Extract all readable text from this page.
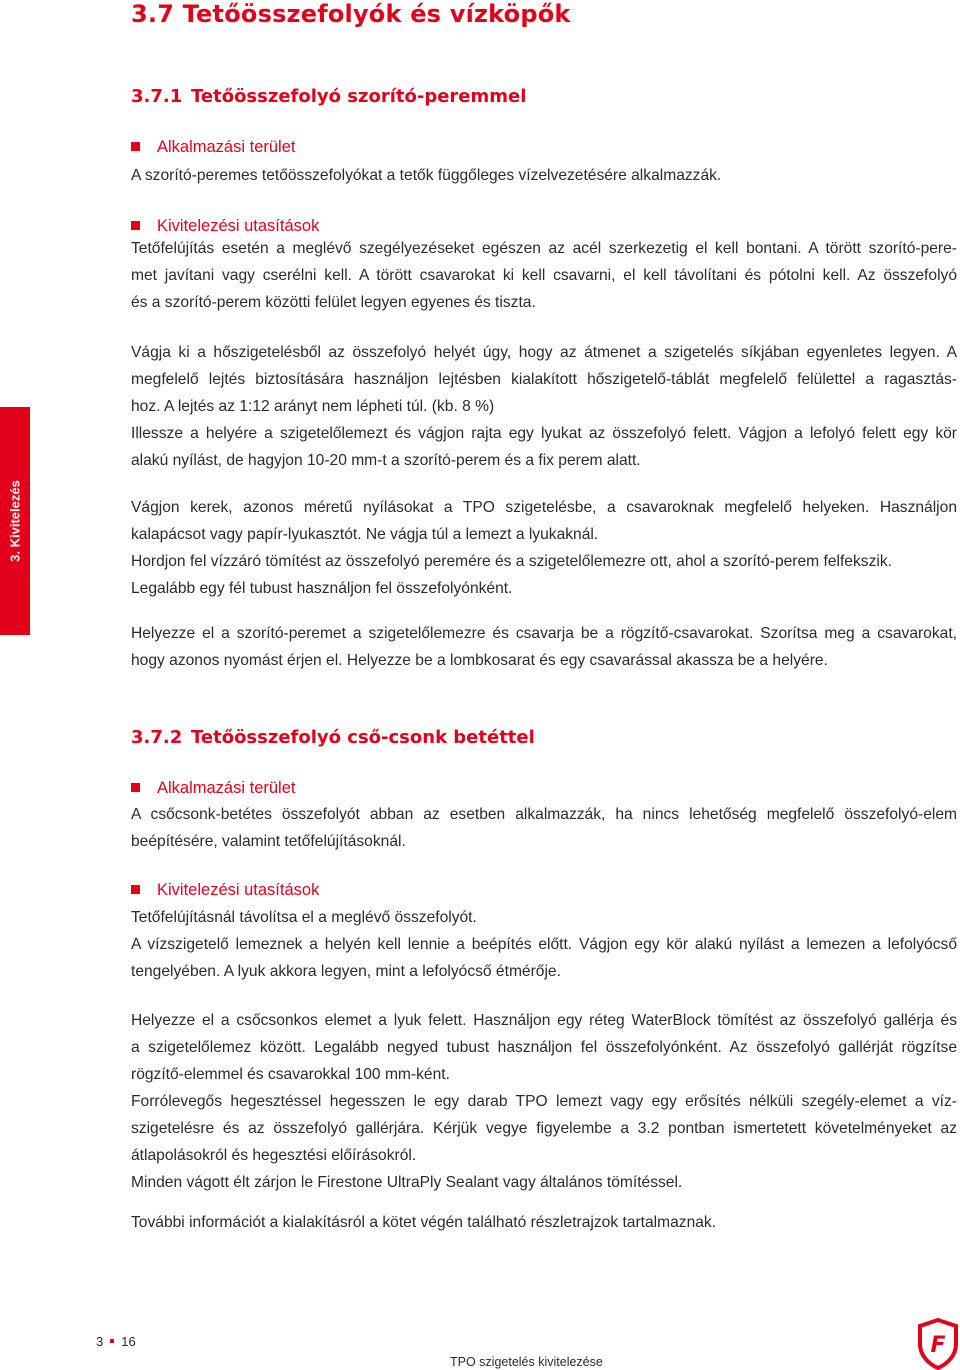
3.7 Tetőösszefolyók és vízköpők
3. Kivitelezés
3.7.1 Tetőösszefolyó szorító-peremmel
Alkalmazási terület
A szorító-peremes tetőösszefolyókat a tetők függőleges vízelvezetésére alkalmazzák.
Kivitelezési utasítások
Tetőfelújítás esetén a meglévő szegélyezéseket egészen az acél szerkezetig el kell bontani. A törött szorító-pere-
met javítani vagy cserélni kell. A törött csavarokat ki kell csavarni, el kell távolítani és pótolni kell. Az összefolyó
és a szorító-perem közötti felület legyen egyenes és tiszta.
Vágja ki a hőszigetelésből az összefolyó helyét úgy, hogy az átmenet a szigetelés síkjában egyenletes legyen. A
megfelelő lejtés biztosítására használjon lejtésben kialakított hőszigetelő-táblát megfelelő felülettel a ragasztás-
hoz. A lejtés az 1:12 arányt nem lépheti túl. (kb. 8 %)
Illessze a helyére a szigetelőlemezt és vágjon rajta egy lyukat az összefolyó felett. Vágjon a lefolyó felett egy kör
alakú nyílást, de hagyjon 10-20 mm-t a szorító-perem és a fix perem alatt.
Vágjon kerek, azonos méretű nyílásokat a TPO szigetelésbe, a csavaroknak megfelelő helyeken. Használjon
kalapácsot vagy papír-lyukasztót. Ne vágja túl a lemezt a lyukaknál.
Hordjon fel vízzáró tömítést az összefolyó peremére és a szigetelőlemezre ott, ahol a szorító-perem felfekszik.
Legalább egy fél tubust használjon fel összefolyónként.
Helyezze el a szorító-peremet a szigetelőlemezre és csavarja be a rögzítő-csavarokat. Szorítsa meg a csavarokat,
hogy azonos nyomást érjen el. Helyezze be a lombkosarat és egy csavarással akassza be a helyére.
3.7.2 Tetőösszefolyó cső-csonk betéttel
Alkalmazási terület
A csőcsonk-betétes összefolyót abban az esetben alkalmazzák, ha nincs lehetőség megfelelő összefolyó-elem
beépítésére, valamint tetőfelújításoknál.
Kivitelezési utasítások
Tetőfelújításnál távolítsa el a meglévő összefolyót.
A vízszigetelő lemeznek a helyén kell lennie a beépítés előtt. Vágjon egy kör alakú nyílást a lemezen a lefolyócső
tengelyében. A lyuk akkora legyen, mint a lefolyócső étmérője.
Helyezze el a csőcsonkos elemet a lyuk felett. Használjon egy réteg WaterBlock tömítést az összefolyó gallérja és
a szigetelőlemez között. Legalább negyed tubust használjon fel összefolyónként. Az összefolyó gallérját rögzítse
rögzítő-elemmel és csavarokkal 100 mm-ként.
Forrólevegős hegesztéssel hegesszen le egy darab TPO lemezt vagy egy erősítés nélküli szegély-elemet a víz-
szigetelésre és az összefolyó gallérjára. Kérjük vegye figyelembe a 3.2 pontban ismertetett követelményeket az
átlapolásokról és hegesztési előírásokról.
Minden vágott élt zárjon le Firestone UltraPly Sealant vagy általános tömítéssel.
További információt a kialakításról a kötet végén található részletrajzok tartalmaznak.
3 16
TPO szigetelés kivitelezése
F
